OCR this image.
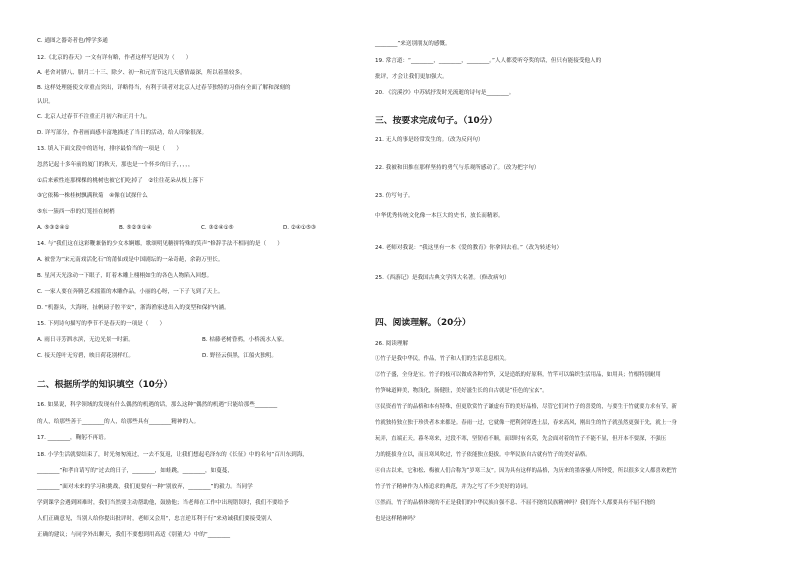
C. 通图之器奇者也/博学多通
12.《北京的春天》一文有详有略，作者这样写是因为（　　）
A. 老舍对腊八、腊月二十三、除夕、初一和元宵节这几天感情最深，所以着墨较多。
B. 这样处理能使文章重点突出，详略得当，有利于读者对北京人过春节独特的习俗有全面了解和深刻的
认识。
C. 北京人过春节不注重正月初六和正月十九。
D. 详写部分，作者画面感丰富地描述了当日的活动，给人印象很深。
13. 填入下面文段中的语句，排序最恰当的一项是（　　）
忽然记起十多年前的厦门的秋天，那也是一个怀乡的日子，，，，，
①后来索性连那棵棵的桃树也被它们吃掉了　②往往花朵从枝上落下
③它依稀一株桂树飘满秋菊　④像在试探什么
⑤东一簇西一串的灯笼挂在树梢
A. ⑤③②④①	B. ⑤②③①④	C. ③②④①⑤	D. ②④①⑤③
14. 与“我们这在这彩鞭兼备的少女本婀娜，歌颂明见糖拼特殊的笑声”修辞手法不相同的是（　　）
A. 被誉为“宋元南戏活化石”的莆仙戏是中国剧坛的一朵奇葩，余韵万里长。
B. 星河天光涂动一下眼子，盯着木雕上栩栩如生的各色人物陷入回想。
C. 一家人要在奔腾艺术摇篮的木雕作品，小丽的心呀，一下子飞到了天上。
D. “机器头，大海呀，扯帆磅子腔平安”，浙海渔家进出入的变型和保护内涵。
15. 下列诗句描写的季节不是春天的一项是（　　）
A. 雨日寻芳泗水滨，无边光景一时新。	B. 枯藤老树昏鸦，小桥流水人家。
C. 接天莲叶无穷碧，映日荷花别样红。	D. 野径云俱黑，江船火独明。
二、根据所学的知识填空（10分）
16. 如果说，科学领域的发现有什么偶然的机遇的话，那么这种“偶然的机遇”只能给那些________
的人，给那些善于________的人，给那些具有________精神的人。
17. ________，鞠躬不再语。
18. 小学生活就要结束了，时光匆匆流过，一去不复返，让我们想起毛泽东的《长征》中的名句“百川东到海，
________”和孝自请写的“过去的日子，________，如蛙跳，________，如蔓蔓，
________”面对未来的学习和挑战，我们更要有一种“别放弃，________”的毅力。当同学
学到课学会遇到困难时，我们当然要主动帮助他，鼓励他；当老师在工作中出现错误时，我们不要给予
人们正确意见，当别人给你提出批评时，老师又会用“，忠言逆耳利于行”来劝诫我们要接受别人
正确的建议；与同学外出聊天，我们不要想到用高适《别董大》中的“________
________”来送别朋友的感慨。
19. 常言道：“________，________，________。”人人都爱听夸奖的话，但只有能接受他人的
批评，才会让我们更加强大。
20. 《浣溪沙》中苏轼抒发时光流逝的诗句是________。
三、按要求完成句子。（10分）
21. 无人的事是经常发生的。（改为反问句）
22. 我被和田推在那样坚持的勇气与乐观所感动了。（改为把字句）
23. 仿写句子。
中华优秀传统文化像一本巨大的史书，放长而精彩。
24. 老师对我说：“我这里有一本《爱的教育》你拿回去看。”（改为转述句）
25.《西游记》是我国古典文学四大名著。（修改病句）
四、阅读理解。（20分）
26. 阅读理解
①竹子是我中华民，作品，竹子和人们的生活息息相关。
②竹子盛，全身是宝。竹子的枝可以做成各种竹笋，又是造纸的好原料，竹竿可以编织生活用品，如用具；竹根特别耐用
竹笋味道鲜美，物浅化，肠健肚，美好滋生长的自古就是“佳色的宝玄”。
③民资看竹子的品格和本有特殊，但更欣赏竹子谦虚有节的美好品格，尽管它们对竹子的喜爱的，与要生于竹就要力求有节，新
竹就独持独立独于珍贵者本来都是。春雨一过，它就像一把利剑穿透土层，春来高风，刚出生的竹子就虽然更强于先，就上一身
玩弄，直端正天。暮冬寒来，过段不寒，坚韧看不顺，而即时有名莫，先会面对着的竹子不能不显，但开本不要深，不强压
力的挺拔身立以，而且寒风吹过，竹子依能独立挺拔。中华民族自古就有竹子的美好品格。
④自古以来，它和松、梅被人们合称为“岁寒三友”。因为具有这样的品格，为历来的墨客骚人所钟爱，所以很多文人都喜欢把竹
竹子竹子精神作为人格追求的典范，并为之写了不少美好的诗词。
⑤然而，竹子的品格体现的不正是我们的中华民族自强不息、不屈不挠的民族精神吗？我们每个人都要具有不屈不挠的
也是这样精神吗？
